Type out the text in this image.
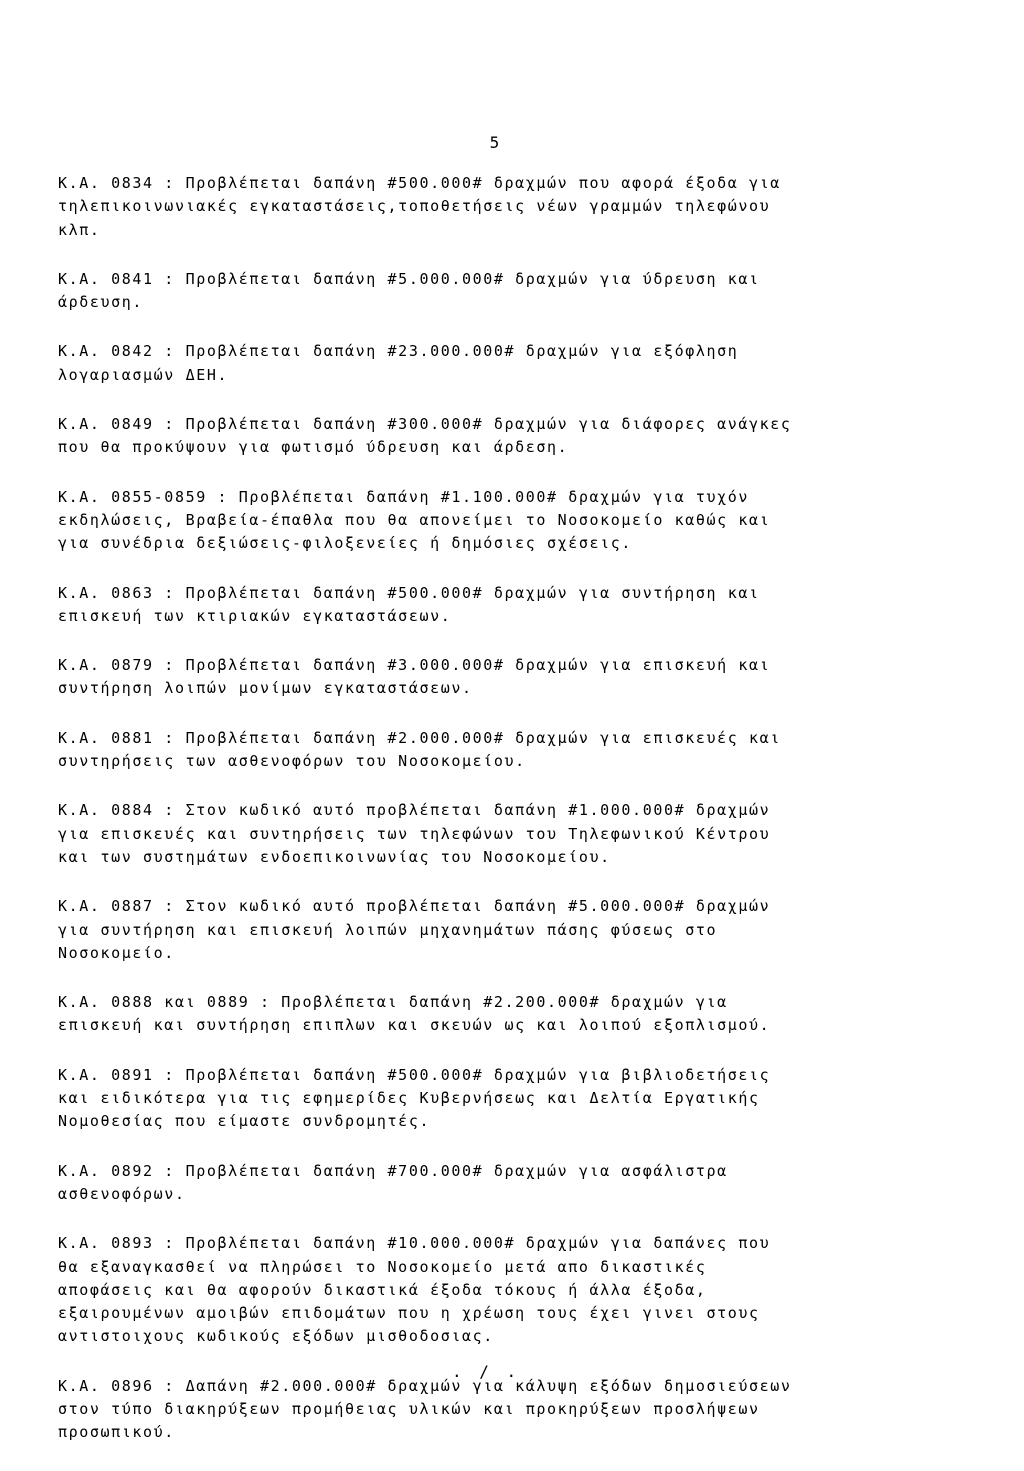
5
Κ.Α. 0834 : Προβλέπεται δαπάνη #500.000# δραχμών που αφορά έξοδα για
τηλεπικοινωνιακές εγκαταστάσεις,τοποθετήσεις νέων γραμμών τηλεφώνου
κλπ.
Κ.Α. 0841 : Προβλέπεται δαπάνη #5.000.000# δραχμών για ύδρευση και
άρδευση.
Κ.Α. 0842 : Προβλέπεται δαπάνη #23.000.000# δραχμών για εξόφληση
λογαριασμών ΔΕΗ.
Κ.Α. 0849 : Προβλέπεται δαπάνη #300.000# δραχμών για διάφορες ανάγκες
που θα προκύψουν για φωτισμό ύδρευση και άρδεση.
Κ.Α. 0855-0859 : Προβλέπεται δαπάνη #1.100.000# δραχμών για τυχόν
εκδηλώσεις, Βραβεία-έπαθλα που θα απονείμει το Νοσοκομείο καθώς και
για συνέδρια δεξιώσεις-φιλοξενείες ή δημόσιες σχέσεις.
Κ.Α. 0863 : Προβλέπεται δαπάνη #500.000# δραχμών για συντήρηση και
επισκευή των κτιριακών εγκαταστάσεων.
Κ.Α. 0879 : Προβλέπεται δαπάνη #3.000.000# δραχμών για επισκευή και
συντήρηση λοιπών μονίμων εγκαταστάσεων.
Κ.Α. 0881 : Προβλέπεται δαπάνη #2.000.000# δραχμών για επισκευές και
συντηρήσεις των ασθενοφόρων του Νοσοκομείου.
Κ.Α. 0884 : Στον κωδικό αυτό προβλέπεται δαπάνη #1.000.000# δραχμών
για επισκευές και συντηρήσεις των τηλεφώνων του Τηλεφωνικού Κέντρου
και των συστημάτων ενδοεπικοινωνίας του Νοσοκομείου.
Κ.Α. 0887 : Στον κωδικό αυτό προβλέπεται δαπάνη #5.000.000# δραχμών
για συντήρηση και επισκευή λοιπών μηχανημάτων πάσης φύσεως στο
Νοσοκομείο.
Κ.Α. 0888 και 0889 : Προβλέπεται δαπάνη #2.200.000# δραχμών για
επισκευή και συντήρηση επιπλων και σκευών ως και λοιπού εξοπλισμού.
Κ.Α. 0891 : Προβλέπεται δαπάνη #500.000# δραχμών για βιβλιοδετήσεις
και ειδικότερα για τις εφημερίδες Κυβερνήσεως και Δελτία Εργατικής
Νομοθεσίας που είμαστε συνδρομητές.
Κ.Α. 0892 : Προβλέπεται δαπάνη #700.000# δραχμών για ασφάλιστρα
ασθενοφόρων.
Κ.Α. 0893 : Προβλέπεται δαπάνη #10.000.000# δραχμών για δαπάνες που
θα εξαναγκασθεί να πληρώσει το Νοσοκομείο μετά απο δικαστικές
αποφάσεις και θα αφορούν δικαστικά έξοδα τόκους ή άλλα έξοδα,
εξαιρουμένων αμοιβών επιδομάτων που η χρέωση τους έχει γινει στους
αντιστοιχους κωδικούς εξόδων μισθοδοσιας.
Κ.Α. 0896 : Δαπάνη #2.000.000# δραχμών για κάλυψη εξόδων δημοσιεύσεων
στον τύπο διακηρύξεων προμήθειας υλικών και προκηρύξεων προσλήψεων
προσωπικού.
. / .
